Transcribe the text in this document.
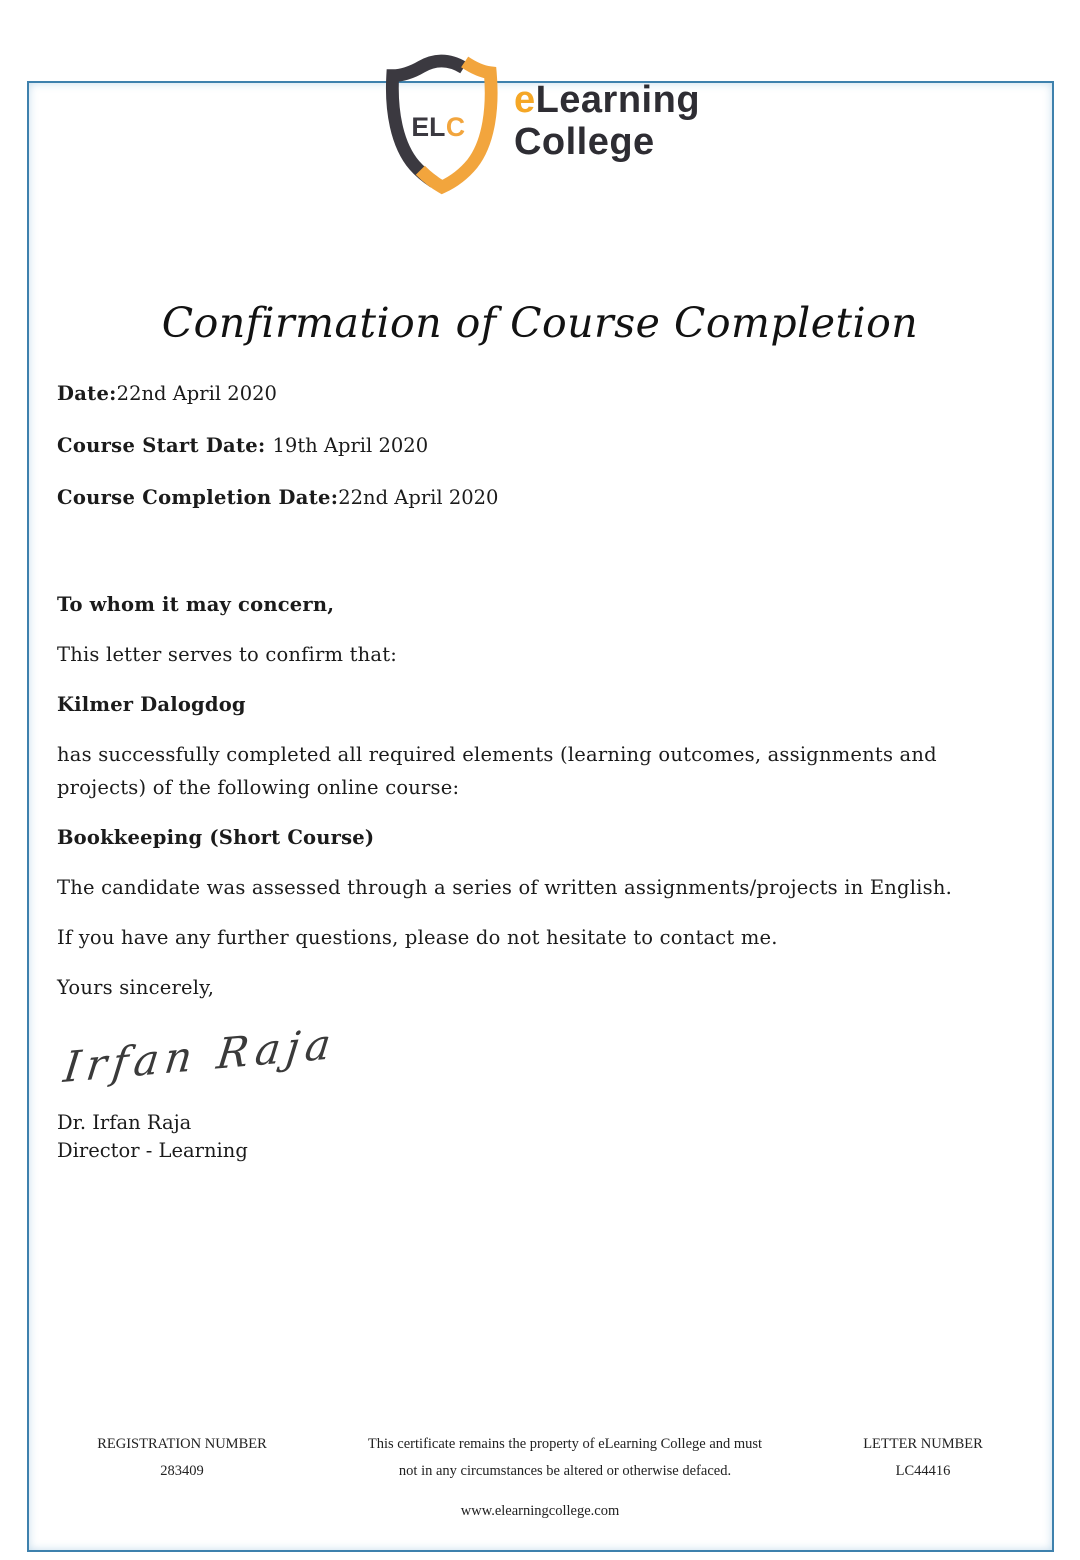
EL C
eLearning
College
Confirmation of Course Completion

Date:22nd April 2020

Course Start Date: 19th April 2020

Course Completion Date:22nd April 2020

To whom it may concern,

This letter serves to confirm that:

Kilmer Dalogdog

has successfully completed all required elements (learning outcomes, assignments and projects) of the following online course:

Bookkeeping (Short Course)

The candidate was assessed through a series of written assignments/projects in English.

If you have any further questions, please do not hesitate to contact me.

Yours sincerely,

Irfan Raja
Dr. Irfan Raja
Director - Learning
REGISTRATION NUMBER
283409
This certificate remains the property of eLearning College and must
not in any circumstances be altered or otherwise defaced.
LETTER NUMBER
LC44416
www.elearningcollege.com
